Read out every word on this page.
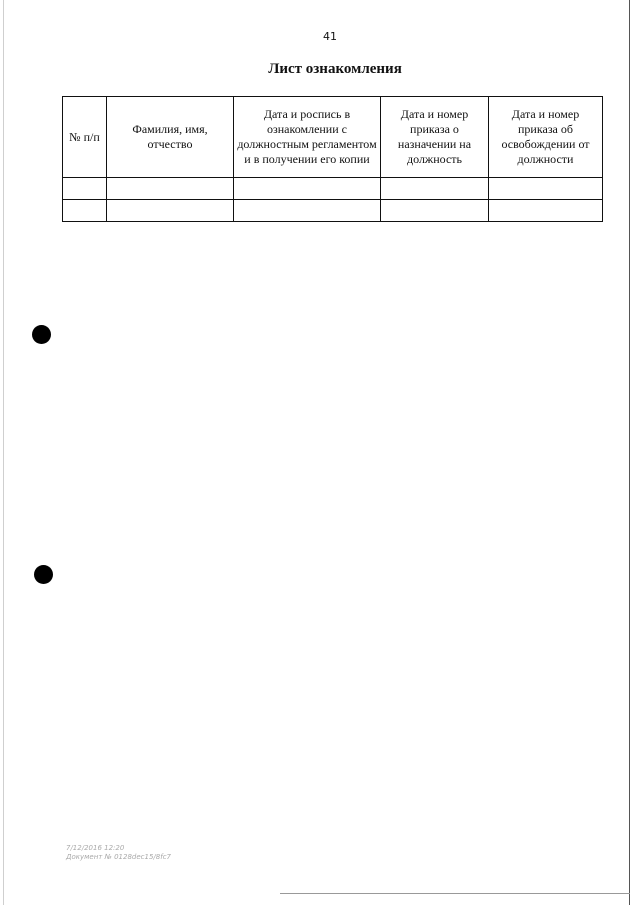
41
Лист ознакомления
№ п/п	Фамилия, имя, отчество	Дата и роспись в ознакомлении с должностным регламентом и в получении его копии	Дата и номер приказа о назначении на должность	Дата и номер приказа об освобождении от должности

7/12/2016 12:20
Документ № 0128dec15/8fc7
